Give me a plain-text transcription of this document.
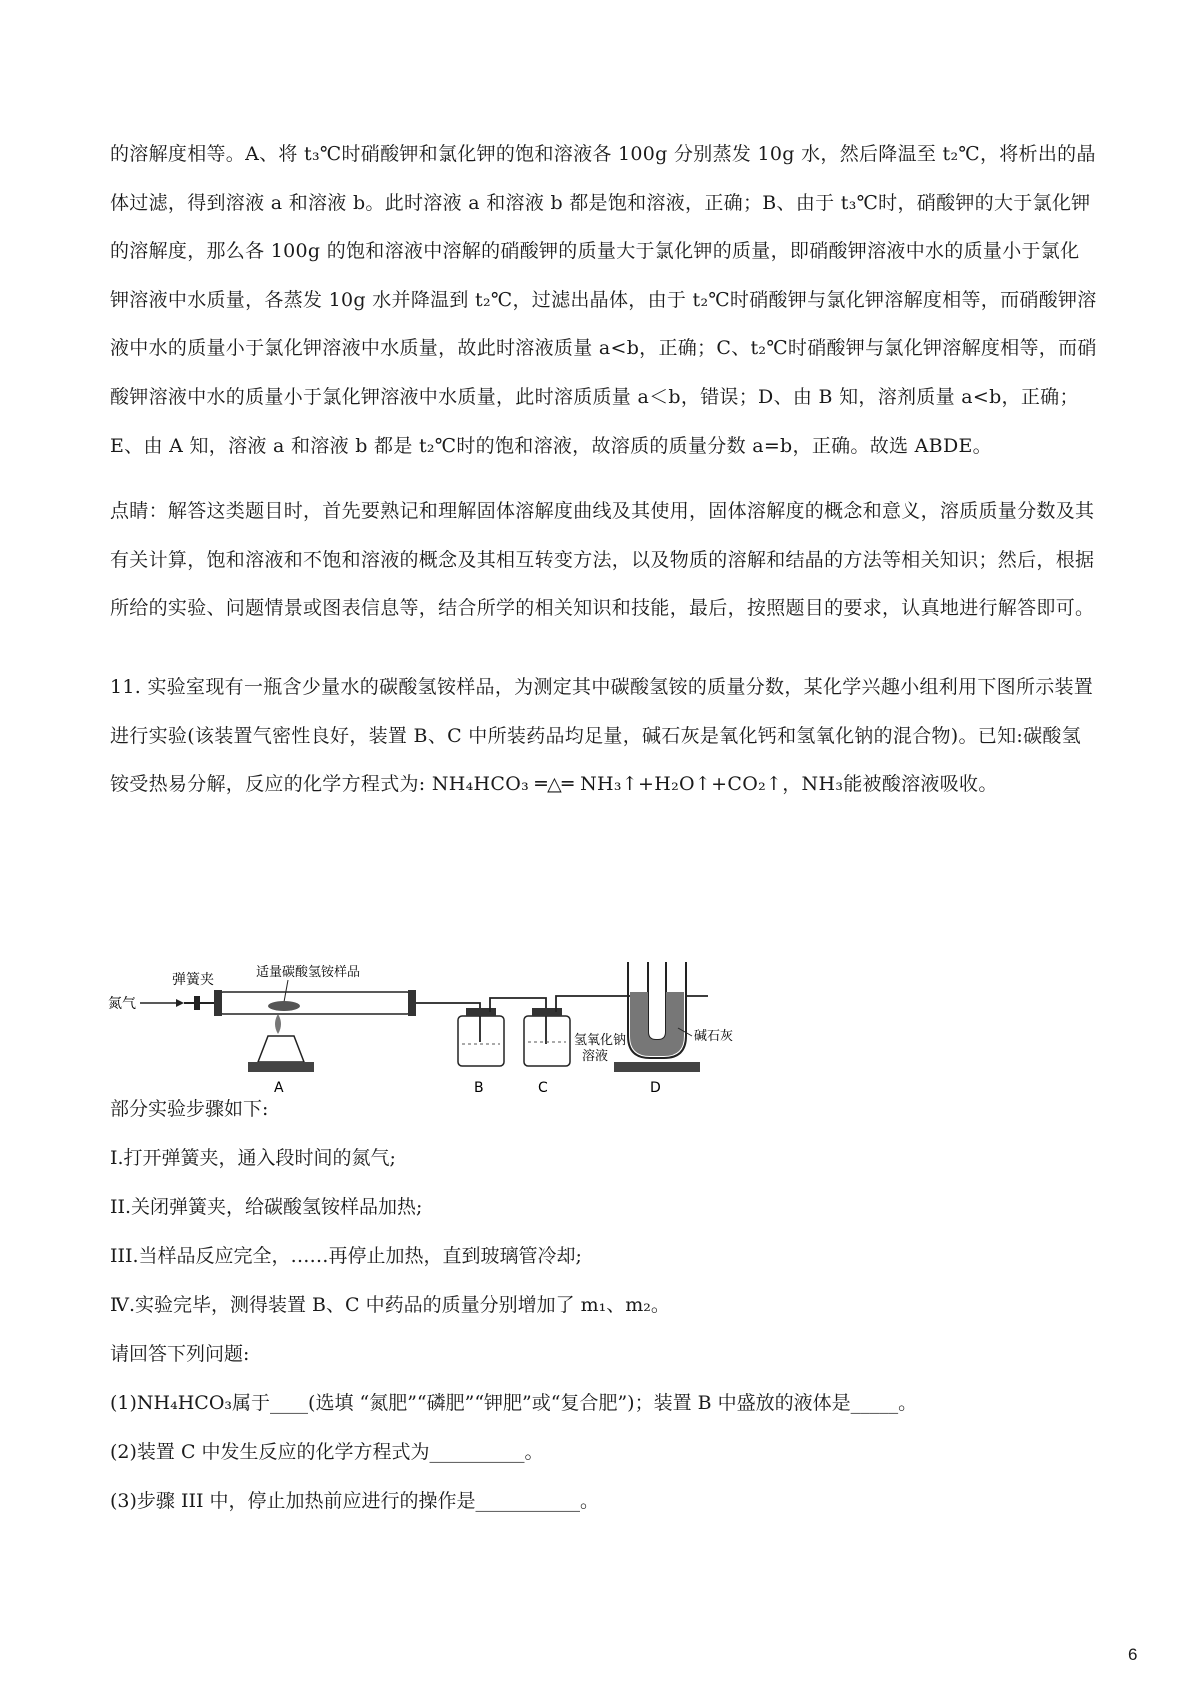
的溶解度相等。A、将 t₃℃时硝酸钾和氯化钾的饱和溶液各 100g 分别蒸发 10g 水，然后降温至 t₂℃，将析出的晶体过滤，得到溶液 a 和溶液 b。此时溶液 a 和溶液 b 都是饱和溶液，正确；B、由于 t₃℃时，硝酸钾的大于氯化钾的溶解度，那么各 100g 的饱和溶液中溶解的硝酸钾的质量大于氯化钾的质量，即硝酸钾溶液中水的质量小于氯化钾溶液中水质量，各蒸发 10g 水并降温到 t₂℃，过滤出晶体，由于 t₂℃时硝酸钾与氯化钾溶解度相等，而硝酸钾溶液中水的质量小于氯化钾溶液中水质量，故此时溶液质量 a<b，正确；C、t₂℃时硝酸钾与氯化钾溶解度相等，而硝酸钾溶液中水的质量小于氯化钾溶液中水质量，此时溶质质量 a＜b，错误；D、由 B 知，溶剂质量 a<b，正确；E、由 A 知，溶液 a 和溶液 b 都是 t₂℃时的饱和溶液，故溶质的质量分数 a=b，正确。故选 ABDE。

点睛：解答这类题目时，首先要熟记和理解固体溶解度曲线及其使用，固体溶解度的概念和意义，溶质质量分数及其有关计算，饱和溶液和不饱和溶液的概念及其相互转变方法，以及物质的溶解和结晶的方法等相关知识；然后，根据所给的实验、问题情景或图表信息等，结合所学的相关知识和技能，最后，按照题目的要求，认真地进行解答即可。

11. 实验室现有一瓶含少量水的碳酸氢铵样品，为测定其中碳酸氢铵的质量分数，某化学兴趣小组利用下图所示装置进行实验(该装置气密性良好，装置 B、C 中所装药品均足量，碱石灰是氧化钙和氢氧化钠的混合物)。已知:碳酸氢铵受热易分解，反应的化学方程式为: NH₄HCO₃ ═△═ NH₃↑+H₂O↑+CO₂↑，NH₃能被酸溶液吸收。

氮气
弹簧夹	适量碳酸氢铵样品
A	B	C
氢氧化钠
溶液
D
碱石灰

部分实验步骤如下:

I.打开弹簧夹，通入段时间的氮气;

II.关闭弹簧夹，给碳酸氢铵样品加热;

III.当样品反应完全，……再停止加热，直到玻璃管冷却;

Ⅳ.实验完毕，测得装置 B、C 中药品的质量分别增加了 m₁、m₂。

请回答下列问题:

(1)NH₄HCO₃属于____(选填 “氮肥”“磷肥”“钾肥”或“复合肥”)；装置 B 中盛放的液体是_____。

(2)装置 C 中发生反应的化学方程式为__________。

(3)步骤 III 中，停止加热前应进行的操作是___________。

6
